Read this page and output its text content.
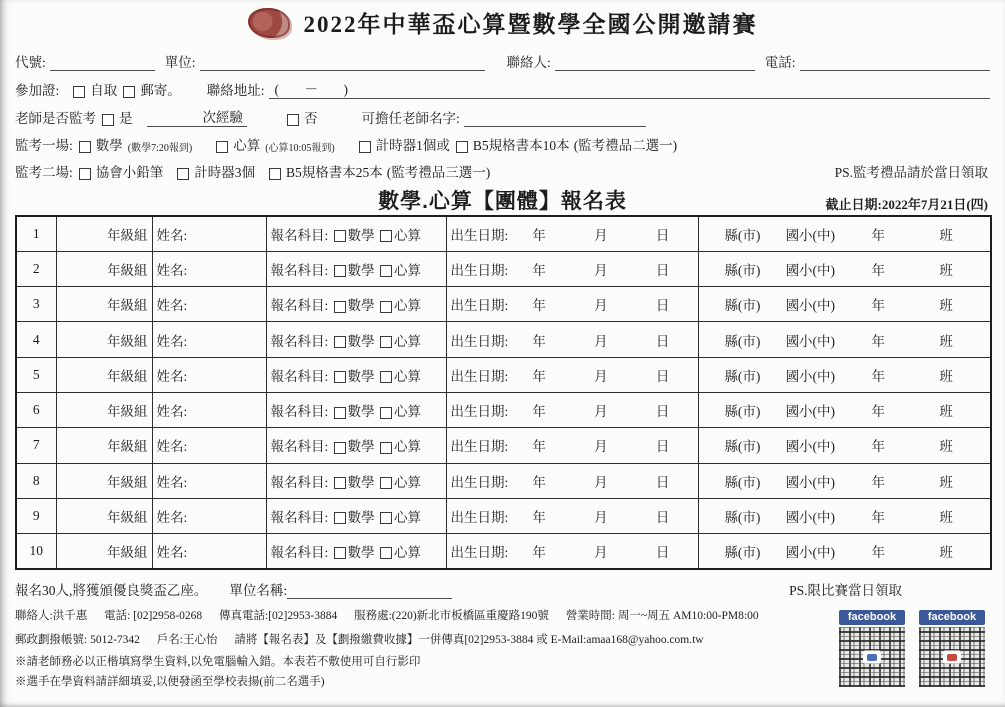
2022年中華盃心算暨數學全國公開邀請賽
代號:	單位:	聯絡人:	電話:
參加證: 自取 郵寄。 聯絡地址: (　－　)
老師是否監考 是	次經驗	否	可擔任老師名字:
監考一場: 數學 (數學7:20報到)	心算 (心算10:05報到)	計時器1個或 B5規格書本10本 (監考禮品二選一)
監考二場: 協會小鉛筆 計時器3個 B5規格書本25本 (監考禮品三選一)	PS.監考禮品請於當日領取
數學.心算【團體】報名表	截止日期:2022年7月21日(四)
1	年級組	姓名:	報名科目: 數學 心算	出生日期: 年 月 日	縣(市) 國小(中) 年 班

2	年級組	姓名:	報名科目: 數學 心算	出生日期: 年 月 日	縣(市) 國小(中) 年 班

3	年級組	姓名:	報名科目: 數學 心算	出生日期: 年 月 日	縣(市) 國小(中) 年 班

4	年級組	姓名:	報名科目: 數學 心算	出生日期: 年 月 日	縣(市) 國小(中) 年 班

5	年級組	姓名:	報名科目: 數學 心算	出生日期: 年 月 日	縣(市) 國小(中) 年 班

6	年級組	姓名:	報名科目: 數學 心算	出生日期: 年 月 日	縣(市) 國小(中) 年 班

7	年級組	姓名:	報名科目: 數學 心算	出生日期: 年 月 日	縣(市) 國小(中) 年 班

8	年級組	姓名:	報名科目: 數學 心算	出生日期: 年 月 日	縣(市) 國小(中) 年 班

9	年級組	姓名:	報名科目: 數學 心算	出生日期: 年 月 日	縣(市) 國小(中) 年 班

10	年級組	姓名:	報名科目: 數學 心算	出生日期: 年 月 日	縣(市) 國小(中) 年 班
報名30人,將獲頒優良獎盃乙座。 單位名稱:	PS.限比賽當日領取
聯絡人:洪千惠 電話: [02]2958-0268 傳真電話:[02]2953-3884 服務處:(220)新北市板橋區重慶路190號 營業時間: 周一~周五 AM10:00-PM8:00
郵政劃撥帳號: 5012-7342 戶名:王心怡 請將【報名表】及【劃撥繳費收據】一併傳真[02]2953-3884 或 E-Mail:amaa168@yahoo.com.tw
※請老師務必以正楷填寫學生資料,以免電腦輸入錯。本表若不敷使用可自行影印
※選手在學資料請詳細填妥,以便發函至學校表揚(前二名選手)
facebook	facebook
